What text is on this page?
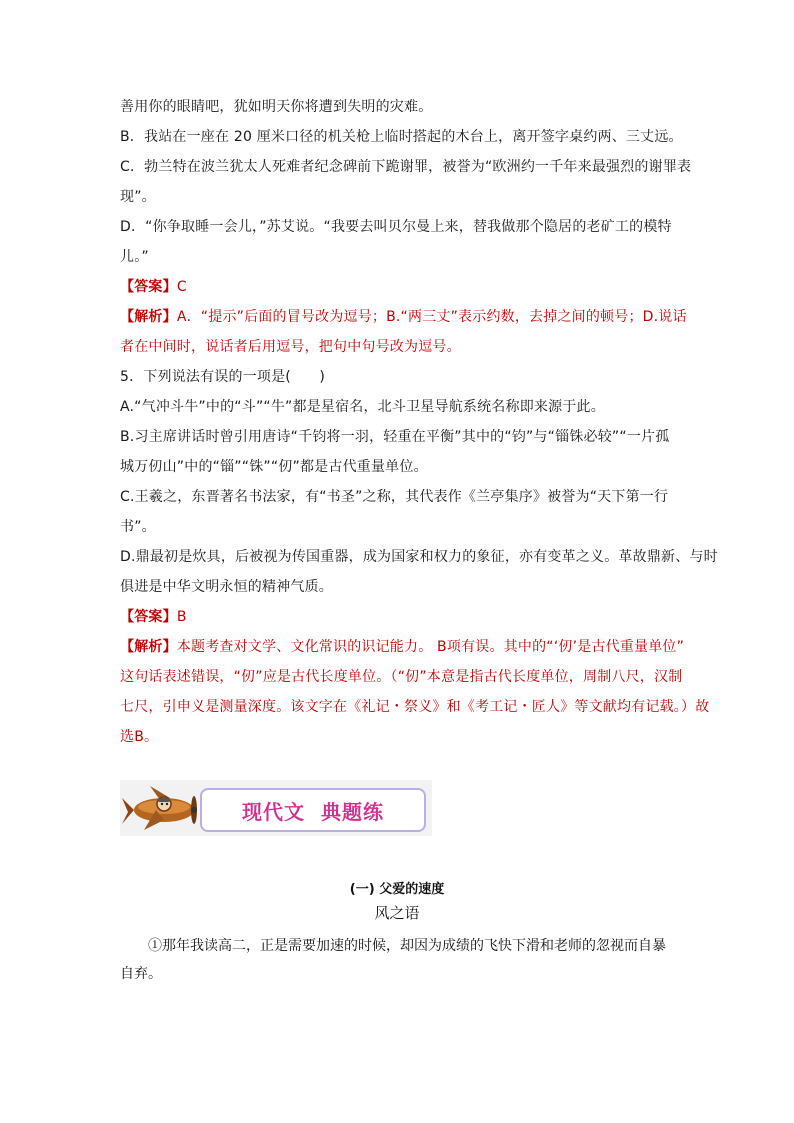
善用你的眼睛吧，犹如明天你将遭到失明的灾难。
B．我站在一座在 20 厘米口径的机关枪上临时搭起的木台上，离开签字桌约两、三丈远。
C．勃兰特在波兰犹太人死难者纪念碑前下跪谢罪，被誉为“欧洲约一千年来最强烈的谢罪表
现”。
D．“你争取睡一会儿，”苏艾说。“我要去叫贝尔曼上来，替我做那个隐居的老矿工的模特
儿。”
【答案】C
【解析】A．“提示”后面的冒号改为逗号；B.“两三丈”表示约数，去掉之间的顿号；D.说话
者在中间时，说话者后用逗号，把句中句号改为逗号。
5．下列说法有误的一项是(　　)
A.“气冲斗牛”中的“斗”“牛”都是星宿名，北斗卫星导航系统名称即来源于此。
B.习主席讲话时曾引用唐诗“千钧将一羽，轻重在平衡”其中的“钧”与“锱铢必较”“一片孤
城万仞山”中的“锱”“铢”“仞”都是古代重量单位。
C.王羲之，东晋著名书法家，有“书圣”之称，其代表作《兰亭集序》被誉为“天下第一行
书”。
D.鼎最初是炊具，后被视为传国重器，成为国家和权力的象征，亦有变革之义。革故鼎新、与时
俱进是中华文明永恒的精神气质。
【答案】B
【解析】本题考查对文学、文化常识的识记能力。 B项有误。其中的“‘仞’是古代重量单位”
这句话表述错误，“仞”应是古代长度单位。（“仞”本意是指古代长度单位，周制八尺，汉制
七尺，引申义是测量深度。该文字在《礼记・祭义》和《考工记・匠人》等文献均有记载。）故
选B。
现代文  典题练
(一) 父爱的速度
风之语
①那年我读高二，正是需要加速的时候，却因为成绩的飞快下滑和老师的忽视而自暴
自弃。
